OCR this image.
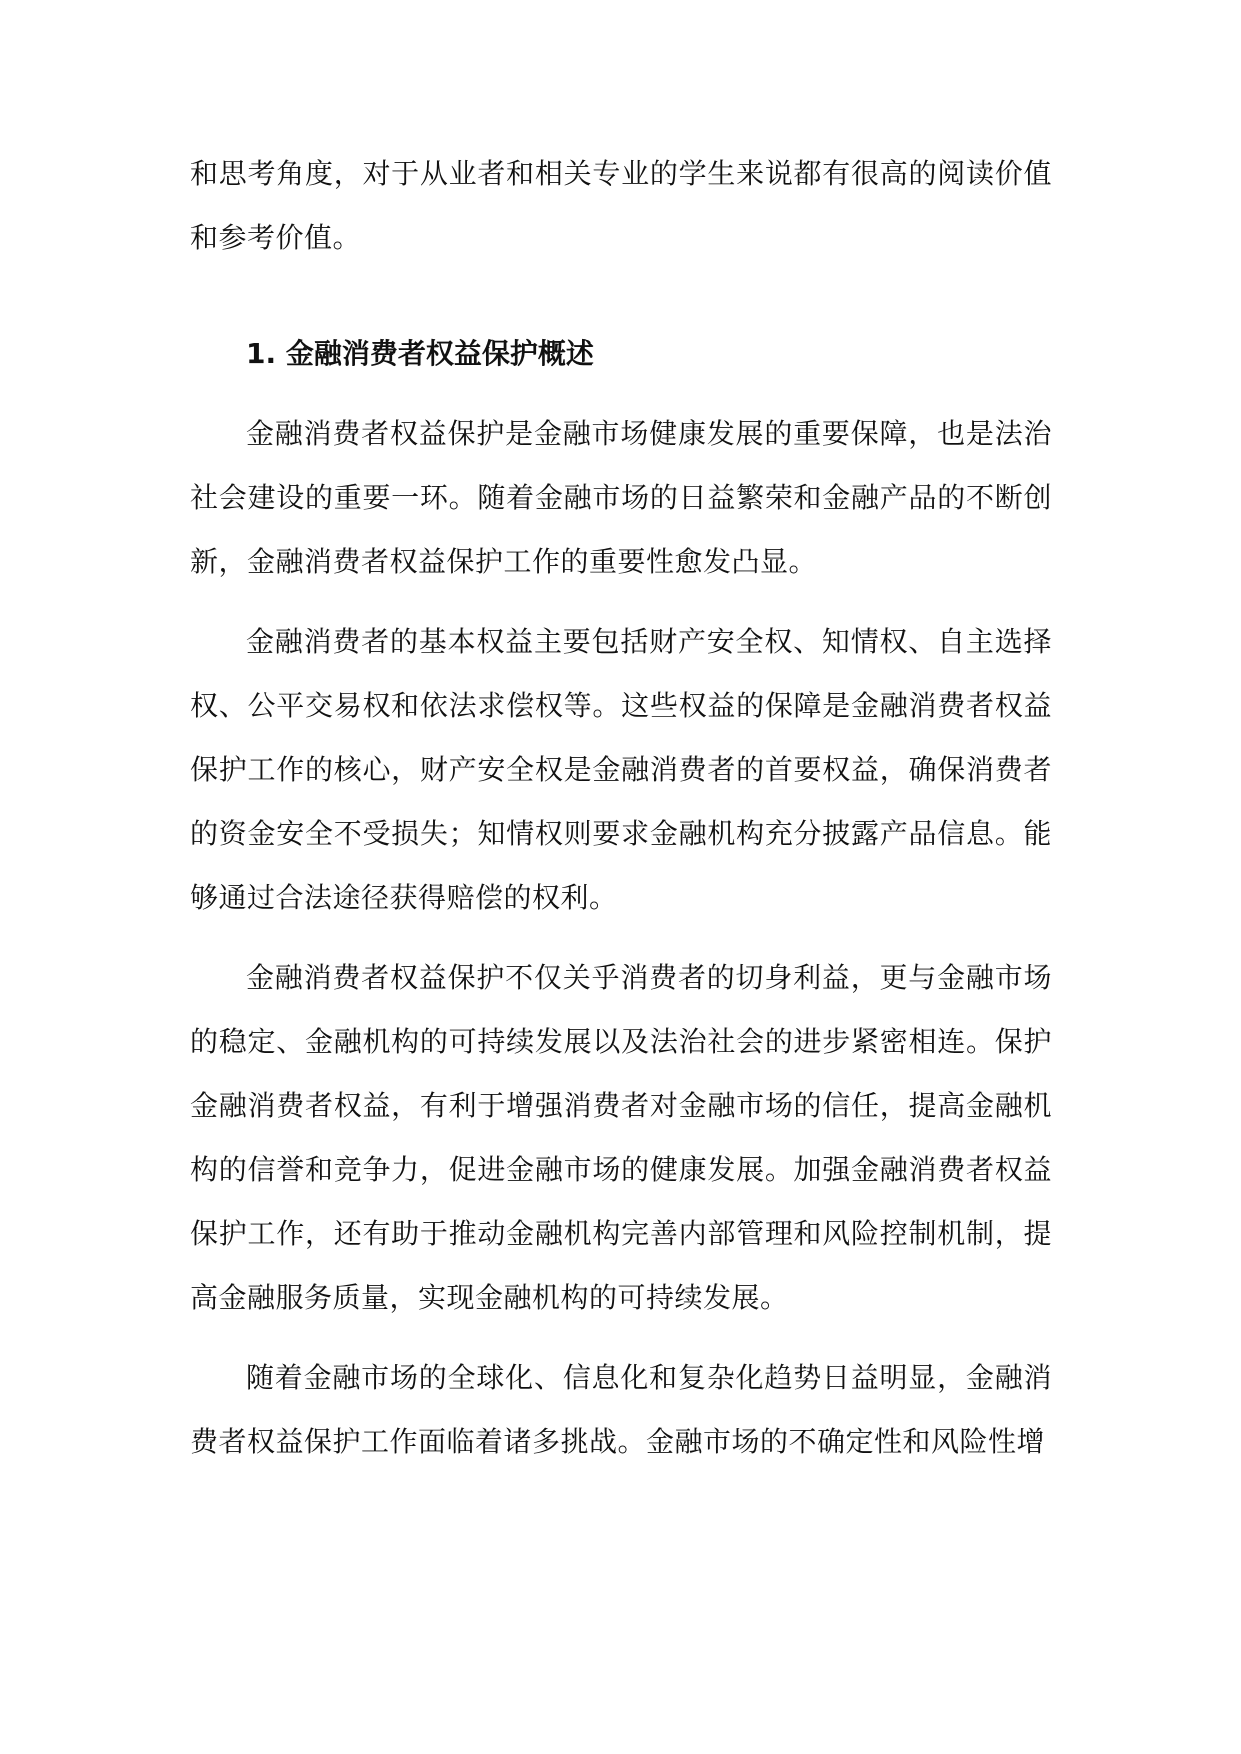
和思考角度，对于从业者和相关专业的学生来说都有很高的阅读价值和参考价值。

1. 金融消费者权益保护概述

金融消费者权益保护是金融市场健康发展的重要保障，也是法治社会建设的重要一环。随着金融市场的日益繁荣和金融产品的不断创新，金融消费者权益保护工作的重要性愈发凸显。

金融消费者的基本权益主要包括财产安全权、知情权、自主选择权、公平交易权和依法求偿权等。这些权益的保障是金融消费者权益保护工作的核心，财产安全权是金融消费者的首要权益，确保消费者的资金安全不受损失；知情权则要求金融机构充分披露产品信息。能够通过合法途径获得赔偿的权利。

金融消费者权益保护不仅关乎消费者的切身利益，更与金融市场的稳定、金融机构的可持续发展以及法治社会的进步紧密相连。保护金融消费者权益，有利于增强消费者对金融市场的信任，提高金融机构的信誉和竞争力，促进金融市场的健康发展。加强金融消费者权益保护工作，还有助于推动金融机构完善内部管理和风险控制机制，提高金融服务质量，实现金融机构的可持续发展。

随着金融市场的全球化、信息化和复杂化趋势日益明显，金融消费者权益保护工作面临着诸多挑战。金融市场的不确定性和风险性增
